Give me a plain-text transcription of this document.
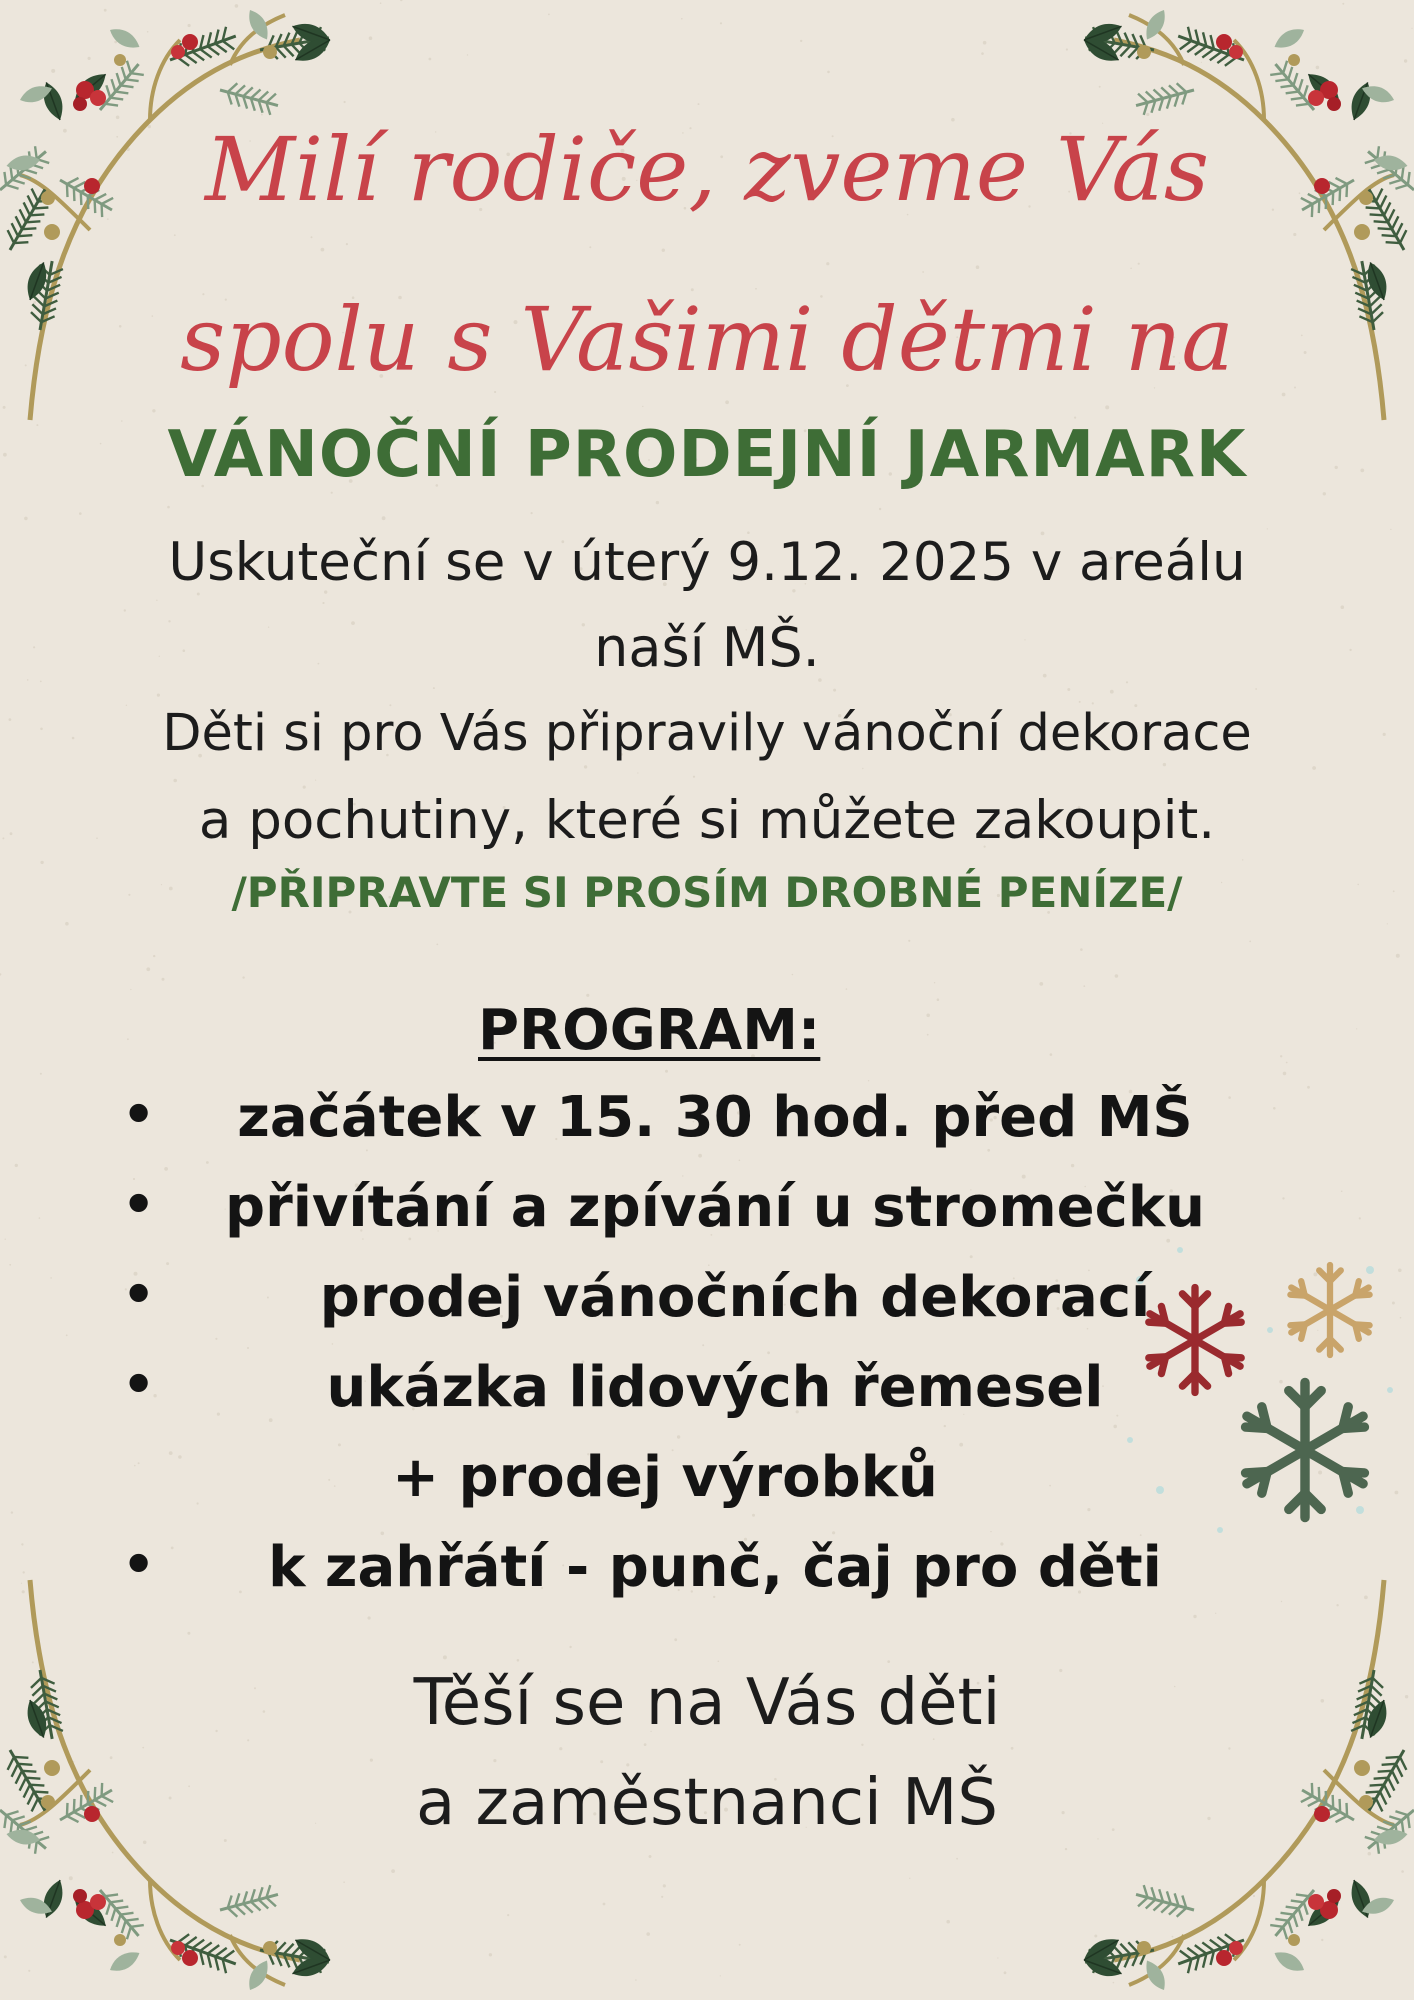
Milí rodiče, zveme Vás
spolu s Vašimi dětmi na
VÁNOČNÍ PRODEJNÍ JARMARK
Uskuteční se v úterý 9.12. 2025 v areálu
naší MŠ.
Děti si pro Vás připravily vánoční dekorace
a pochutiny, které si můžete zakoupit.
/PŘIPRAVTE SI PROSÍM DROBNÉ PENÍZE/
PROGRAM:
•	začátek v 15. 30 hod. před MŠ
•	přivítání a zpívání u stromečku
•	prodej vánočních dekorací
•	ukázka lidových řemesel
+ prodej výrobků
•	k zahřátí - punč, čaj pro děti
Těší se na Vás děti
a zaměstnanci MŠ
